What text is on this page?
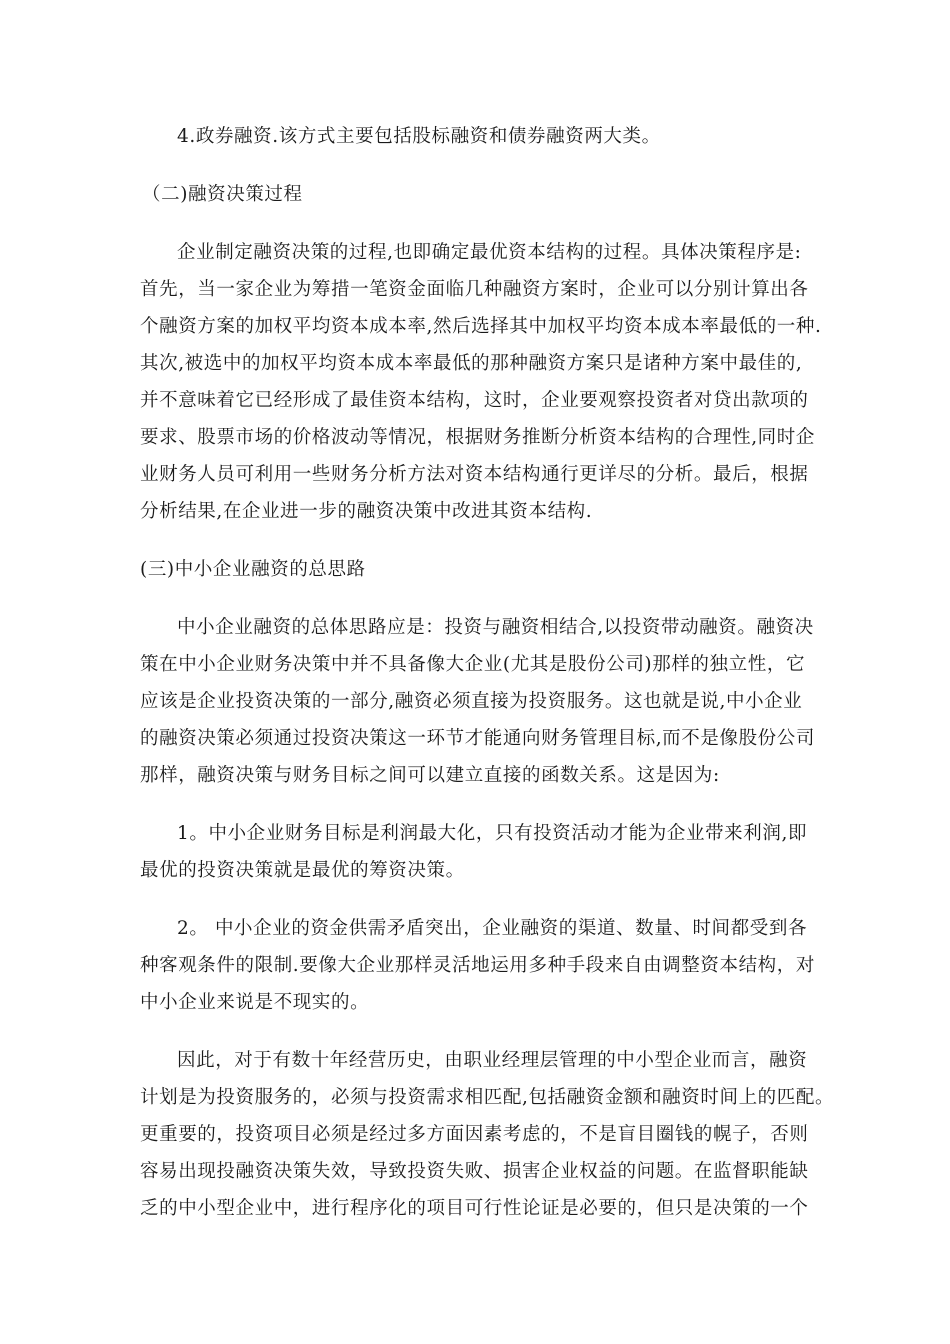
4.政券融资.该方式主要包括股标融资和债券融资两大类。
（二)融资决策过程
企业制定融资决策的过程,也即确定最优资本结构的过程。具体决策程序是:
首先，当一家企业为筹措一笔资金面临几种融资方案时，企业可以分别计算出各
个融资方案的加权平均资本成本率,然后选择其中加权平均资本成本率最低的一种.
其次,被选中的加权平均资本成本率最低的那种融资方案只是诸种方案中最佳的,
并不意味着它已经形成了最佳资本结构，这时，企业要观察投资者对贷出款项的
要求、股票市场的价格波动等情况，根据财务推断分析资本结构的合理性,同时企
业财务人员可利用一些财务分析方法对资本结构通行更详尽的分析。最后，根据
分析结果,在企业进一步的融资决策中改进其资本结构.
(三)中小企业融资的总思路
中小企业融资的总体思路应是：投资与融资相结合,以投资带动融资。融资决
策在中小企业财务决策中并不具备像大企业(尤其是股份公司)那样的独立性，它
应该是企业投资决策的一部分,融资必须直接为投资服务。这也就是说,中小企业
的融资决策必须通过投资决策这一环节才能通向财务管理目标,而不是像股份公司
那样，融资决策与财务目标之间可以建立直接的函数关系。这是因为:
1。中小企业财务目标是利润最大化，只有投资活动才能为企业带来利润,即
最优的投资决策就是最优的筹资决策。
2。 中小企业的资金供需矛盾突出，企业融资的渠道、数量、时间都受到各
种客观条件的限制.要像大企业那样灵活地运用多种手段来自由调整资本结构，对
中小企业来说是不现实的。
因此，对于有数十年经营历史，由职业经理层管理的中小型企业而言，融资
计划是为投资服务的，必须与投资需求相匹配,包括融资金额和融资时间上的匹配。
更重要的，投资项目必须是经过多方面因素考虑的，不是盲目圈钱的幌子，否则
容易出现投融资决策失效，导致投资失败、损害企业权益的问题。在监督职能缺
乏的中小型企业中，进行程序化的项目可行性论证是必要的，但只是决策的一个
